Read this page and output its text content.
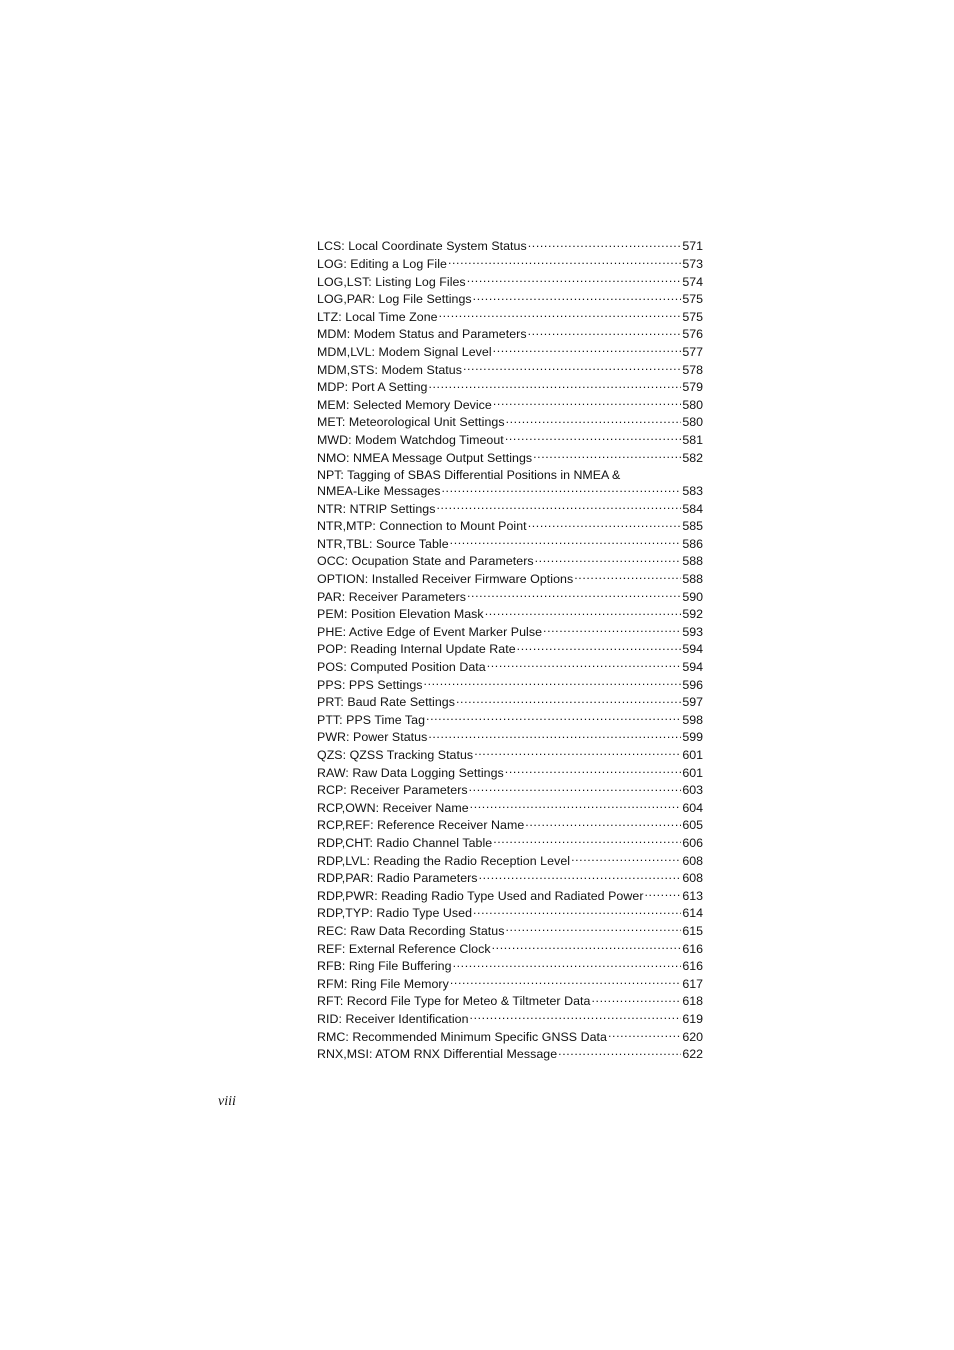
LCS: Local Coordinate System Status .....	571
LOG: Editing a Log File .....	573
LOG,LST: Listing Log Files .....	574
LOG,PAR: Log File Settings .....	575
LTZ: Local Time Zone .....	575
MDM: Modem Status and Parameters .....	576
MDM,LVL: Modem Signal Level .....	577
MDM,STS: Modem Status .....	578
MDP: Port A Setting .....	579
MEM: Selected Memory Device .....	580
MET: Meteorological Unit Settings .....	580
MWD: Modem Watchdog Timeout .....	581
NMO: NMEA Message Output Settings .....	582
NPT: Tagging of SBAS Differential Positions in NMEA &
NMEA-Like Messages .....	583
NTR: NTRIP Settings .....	584
NTR,MTP: Connection to Mount Point .....	585
NTR,TBL: Source Table .....	586
OCC: Ocupation State and Parameters .....	588
OPTION: Installed Receiver Firmware Options .....	588
PAR: Receiver Parameters .....	590
PEM: Position Elevation Mask .....	592
PHE: Active Edge of Event Marker Pulse .....	593
POP: Reading Internal Update Rate .....	594
POS: Computed Position Data .....	594
PPS: PPS Settings .....	596
PRT: Baud Rate Settings .....	597
PTT: PPS Time Tag .....	598
PWR: Power Status .....	599
QZS: QZSS Tracking Status .....	601
RAW: Raw Data Logging Settings .....	601
RCP: Receiver Parameters .....	603
RCP,OWN: Receiver Name .....	604
RCP,REF: Reference Receiver Name .....	605
RDP,CHT: Radio Channel Table .....	606
RDP,LVL: Reading the Radio Reception Level .....	608
RDP,PAR: Radio Parameters .....	608
RDP,PWR: Reading Radio Type Used and Radiated Power .....	613
RDP,TYP: Radio Type Used .....	614
REC: Raw Data Recording Status .....	615
REF: External Reference Clock .....	616
RFB: Ring File Buffering .....	616
RFM: Ring File Memory .....	617
RFT: Record File Type for Meteo & Tiltmeter Data .....	618
RID: Receiver Identification .....	619
RMC: Recommended Minimum Specific GNSS Data .....	620
RNX,MSI: ATOM RNX Differential Message .....	622
viii
